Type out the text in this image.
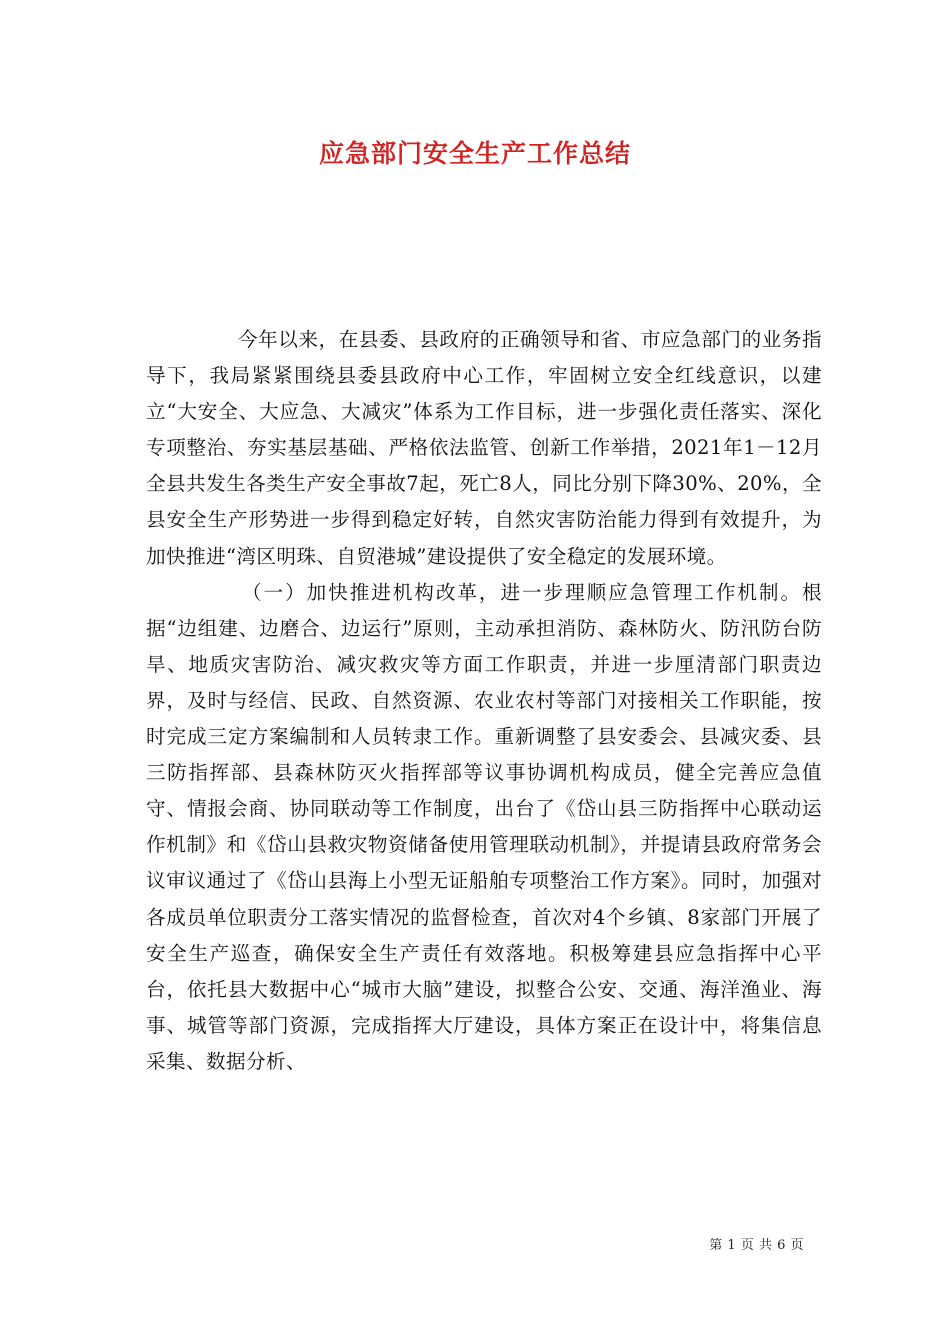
应急部门安全生产工作总结

今年以来，在县委、县政府的正确领导和省、市应急部门的业务指导下，我局紧紧围绕县委县政府中心工作，牢固树立安全红线意识，以建立“大安全、大应急、大减灾”体系为工作目标，进一步强化责任落实、深化专项整治、夯实基层基础、严格依法监管、创新工作举措，2021年1－12月全县共发生各类生产安全事故7起，死亡8人，同比分别下降30%、20%，全县安全生产形势进一步得到稳定好转，自然灾害防治能力得到有效提升，为加快推进“湾区明珠、自贸港城”建设提供了安全稳定的发展环境。

（一）加快推进机构改革，进一步理顺应急管理工作机制。根据“边组建、边磨合、边运行”原则，主动承担消防、森林防火、防汛防台防旱、地质灾害防治、减灾救灾等方面工作职责，并进一步厘清部门职责边界，及时与经信、民政、自然资源、农业农村等部门对接相关工作职能，按时完成三定方案编制和人员转隶工作。重新调整了县安委会、县减灾委、县三防指挥部、县森林防灭火指挥部等议事协调机构成员，健全完善应急值守、情报会商、协同联动等工作制度，出台了《岱山县三防指挥中心联动运作机制》和《岱山县救灾物资储备使用管理联动机制》，并提请县政府常务会议审议通过了《岱山县海上小型无证船舶专项整治工作方案》。同时，加强对各成员单位职责分工落实情况的监督检查，首次对4个乡镇、8家部门开展了安全生产巡查，确保安全生产责任有效落地。积极筹建县应急指挥中心平台，依托县大数据中心“城市大脑”建设，拟整合公安、交通、海洋渔业、海事、城管等部门资源，完成指挥大厅建设，具体方案正在设计中，将集信息采集、数据分析、

第 1 页 共 6 页
